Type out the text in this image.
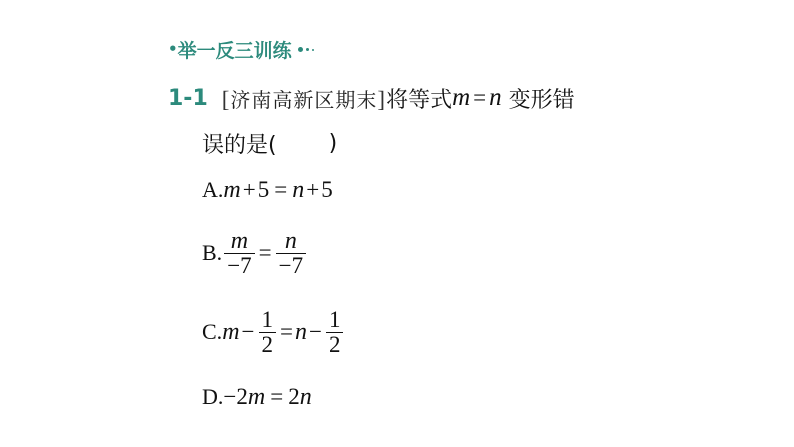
• 举一反三训练
1-1 [济南高新区期末] 将等式 m = n 变形错
误的是( )
A. m + 5 = n + 5
B. $\frac{m}{-7} = \frac{n}{-7}$
C. $m - \frac{1}{2} = n - \frac{1}{2}$
D. −2 m = 2 n
